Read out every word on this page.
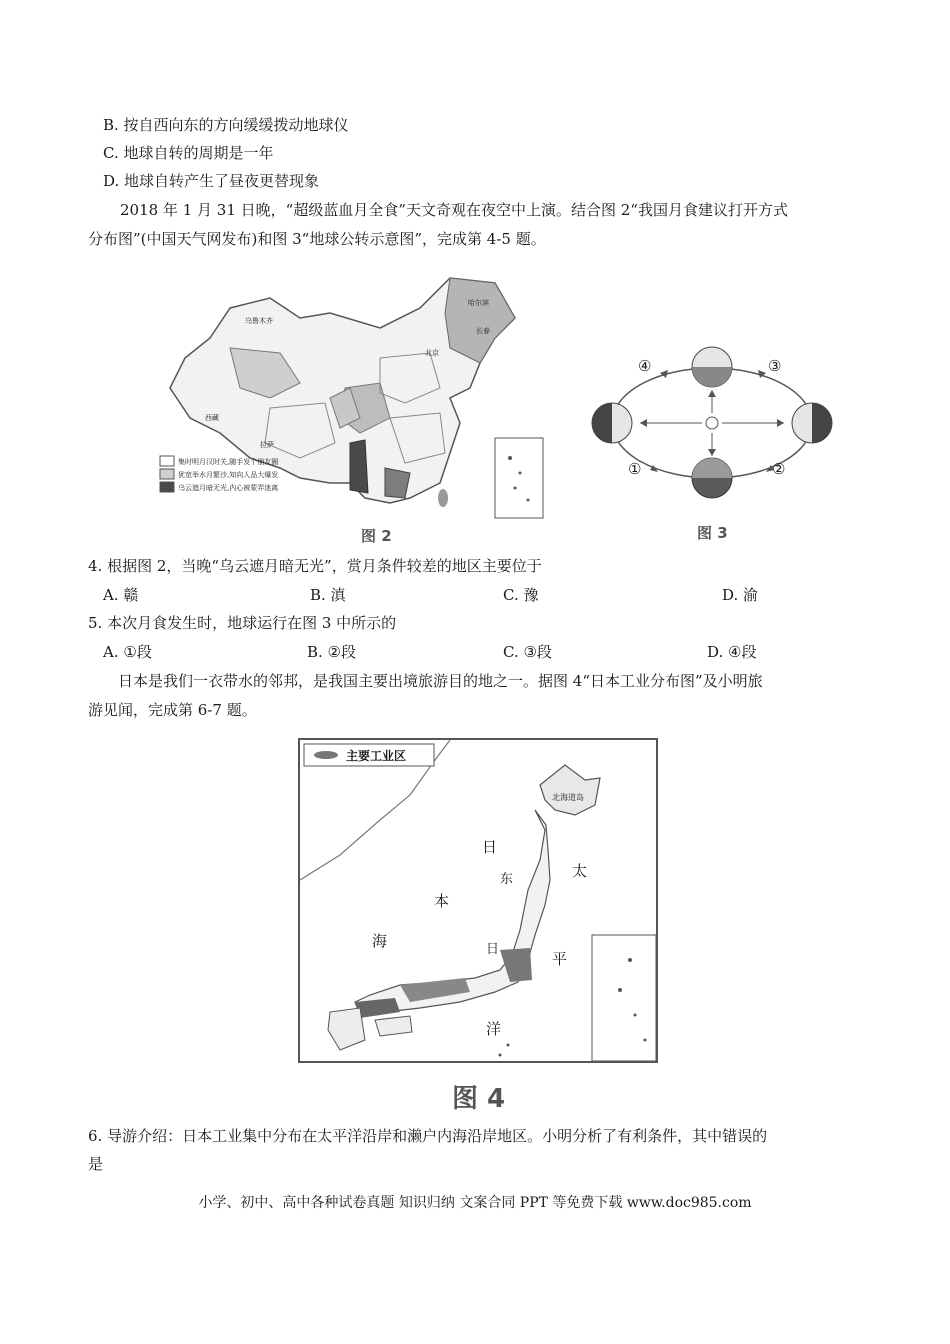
B. 按自西向东的方向缓缓拨动地球仪
C. 地球自转的周期是一年
D. 地球自转产生了昼夜更替现象
2018 年 1 月 31 日晚，“超级蓝血月全食”天文奇观在夜空中上演。结合图 2“我国月食建议打开方式
分布图”(中国天气网发布)和图 3“地球公转示意图”，完成第 4-5 题。
集时明月汉时关,随手发个朋友圈
犹宽举水月繁沙,知向人品大爆发
乌云遮月暗无光,内心被蒙弄迷离
乌鲁木齐
哈尔滨
长春
北京
西藏
拉萨
图 2
④	③
①	②
图 3
4. 根据图 2，当晚“乌云遮月暗无光”，赏月条件较差的地区主要位于
A. 赣	B. 滇	C. 豫	D. 渝
5. 本次月食发生时，地球运行在图 3 中所示的
A. ①段	B. ②段	C. ③段	D. ④段
日本是我们一衣带水的邻邦，是我国主要出境旅游目的地之一。据图 4“日本工业分布图”及小明旅
游见闻，完成第 6-7 题。
主要工业区
北海道岛
日
本
海
太
平
洋
日
东
图 4
6. 导游介绍：日本工业集中分布在太平洋沿岸和濑户内海沿岸地区。小明分析了有利条件，其中错误的
是
小学、初中、高中各种试卷真题 知识归纳 文案合同 PPT 等免费下载 www.doc985.com
